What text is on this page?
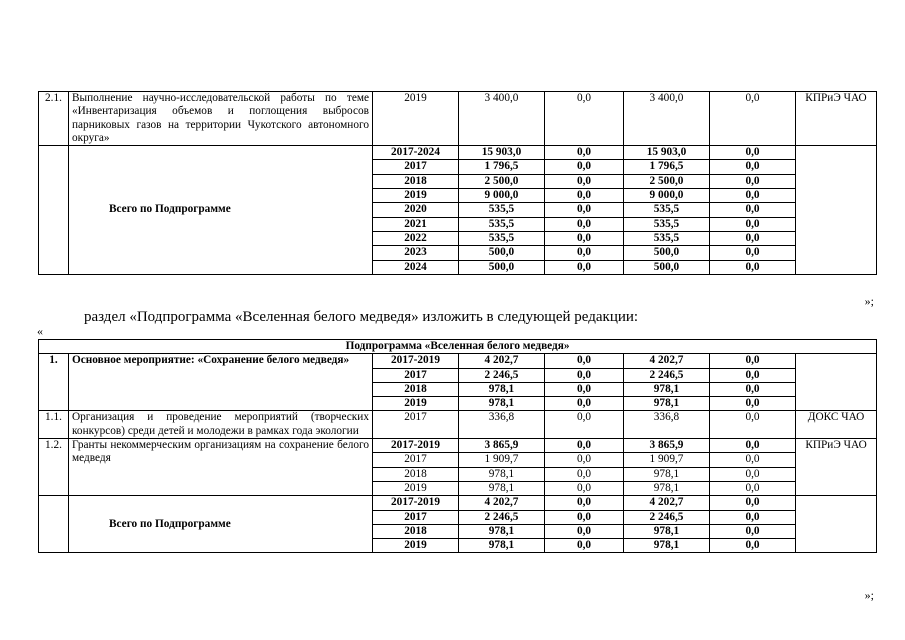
2.1.	Выполнение научно-исследовательской работы по теме «Инвентаризация объемов и поглощения выбросов парниковых газов на территории Чукотского автономного округа»	2019	3 400,0	0,0	3 400,0	0,0	КПРиЭ ЧАО
	Всего по Подпрограмме	2017-2024	15 903,0	0,0	15 903,0	0,0	
		2017	1 796,5	0,0	1 796,5	0,0	
		2018	2 500,0	0,0	2 500,0	0,0	
		2019	9 000,0	0,0	9 000,0	0,0	
		2020	535,5	0,0	535,5	0,0	
		2021	535,5	0,0	535,5	0,0	
		2022	535,5	0,0	535,5	0,0	
		2023	500,0	0,0	500,0	0,0	
		2024	500,0	0,0	500,0	0,0	
»;
раздел «Подпрограмма «Вселенная белого медведя» изложить в следующей редакции:
«
Подпрограмма «Вселенная белого медведя»							
1.	Основное мероприятие: «Сохранение белого медведя»	2017-2019	4 202,7	0,0	4 202,7	0,0	
		2017	2 246,5	0,0	2 246,5	0,0	
		2018	978,1	0,0	978,1	0,0	
		2019	978,1	0,0	978,1	0,0	
1.1.	Организация и проведение мероприятий (творческих конкурсов) среди детей и молодежи в рамках года экологии	2017	336,8	0,0	336,8	0,0	ДОКС ЧАО
1.2.	Гранты некоммерческим организациям на сохранение белого медведя	2017-2019	3 865,9	0,0	3 865,9	0,0	КПРиЭ ЧАО
		2017	1 909,7	0,0	1 909,7	0,0	
		2018	978,1	0,0	978,1	0,0	
		2019	978,1	0,0	978,1	0,0	
	Всего по Подпрограмме	2017-2019	4 202,7	0,0	4 202,7	0,0	
		2017	2 246,5	0,0	2 246,5	0,0	
		2018	978,1	0,0	978,1	0,0	
		2019	978,1	0,0	978,1	0,0	
»;
